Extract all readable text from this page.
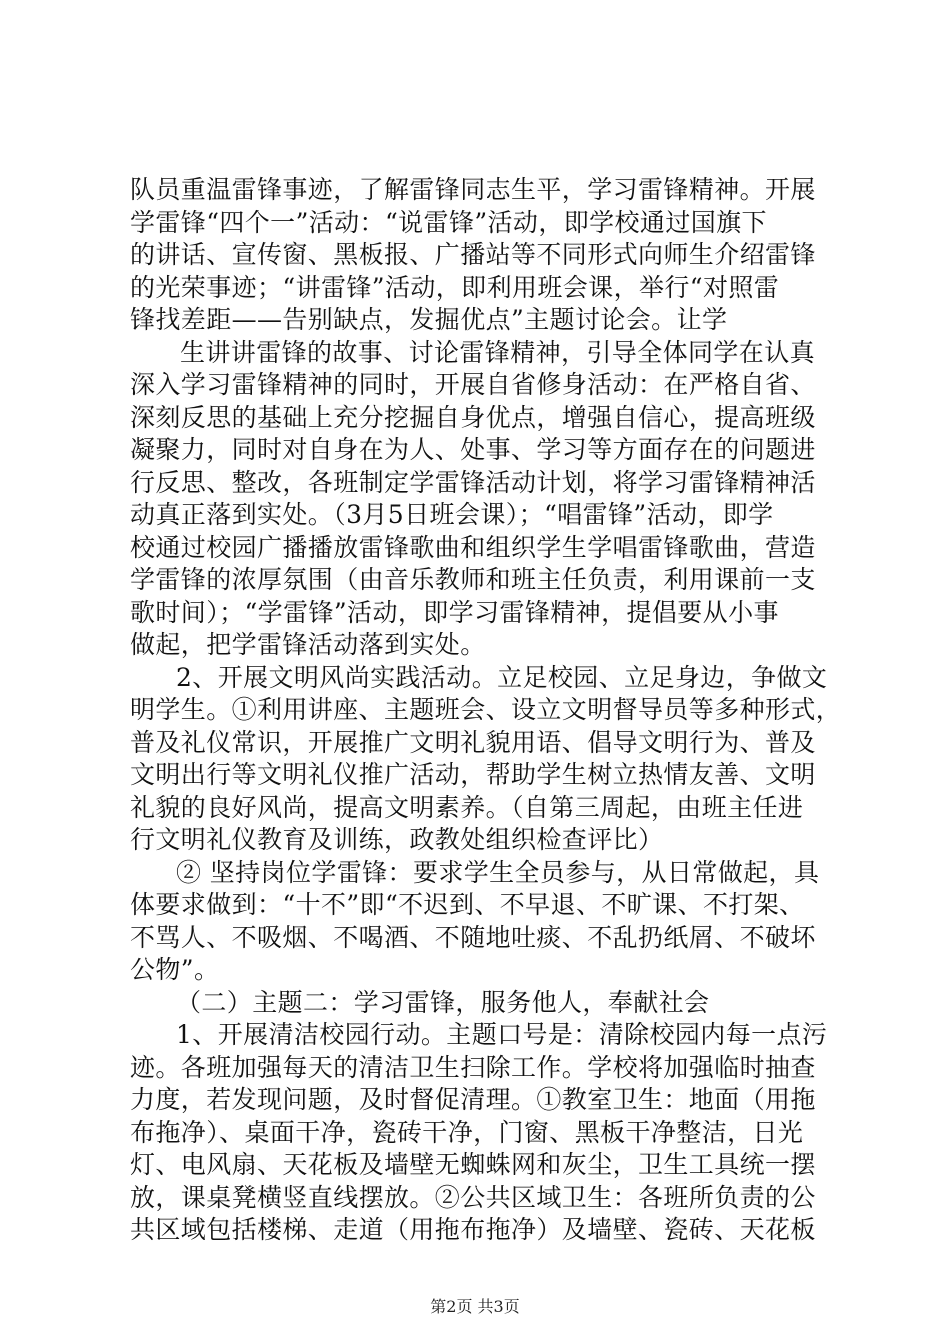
队员重温雷锋事迹，了解雷锋同志生平，学习雷锋精神。开展
学雷锋“四个一”活动：“说雷锋”活动，即学校通过国旗下
的讲话、宣传窗、黑板报、广播站等不同形式向师生介绍雷锋
的光荣事迹；“讲雷锋”活动，即利用班会课，举行“对照雷
锋找差距——告别缺点，发掘优点”主题讨论会。让学
生讲讲雷锋的故事、讨论雷锋精神，引导全体同学在认真
深入学习雷锋精神的同时，开展自省修身活动：在严格自省、
深刻反思的基础上充分挖掘自身优点，增强自信心，提高班级
凝聚力，同时对自身在为人、处事、学习等方面存在的问题进
行反思、整改，各班制定学雷锋活动计划，将学习雷锋精神活
动真正落到实处。（3月5日班会课）；“唱雷锋”活动，即学
校通过校园广播播放雷锋歌曲和组织学生学唱雷锋歌曲，营造
学雷锋的浓厚氛围（由音乐教师和班主任负责，利用课前一支
歌时间）；“学雷锋”活动，即学习雷锋精神，提倡要从小事
做起，把学雷锋活动落到实处。
2、开展文明风尚实践活动。立足校园、立足身边，争做文
明学生。①利用讲座、主题班会、设立文明督导员等多种形式，
普及礼仪常识，开展推广文明礼貌用语、倡导文明行为、普及
文明出行等文明礼仪推广活动，帮助学生树立热情友善、文明
礼貌的良好风尚，提高文明素养。（自第三周起，由班主任进
行文明礼仪教育及训练，政教处组织检查评比）
② 坚持岗位学雷锋：要求学生全员参与，从日常做起，具
体要求做到：“十不”即“不迟到、不早退、不旷课、不打架、
不骂人、不吸烟、不喝酒、不随地吐痰、不乱扔纸屑、不破坏
公物”。
（二）主题二：学习雷锋，服务他人，奉献社会
1、开展清洁校园行动。主题口号是：清除校园内每一点污
迹。各班加强每天的清洁卫生扫除工作。学校将加强临时抽查
力度，若发现问题，及时督促清理。①教室卫生：地面（用拖
布拖净）、桌面干净，瓷砖干净，门窗、黑板干净整洁，日光
灯、电风扇、天花板及墙壁无蜘蛛网和灰尘，卫生工具统一摆
放，课桌凳横竖直线摆放。②公共区域卫生：各班所负责的公
共区域包括楼梯、走道（用拖布拖净）及墙壁、瓷砖、天花板
第2页 共3页
